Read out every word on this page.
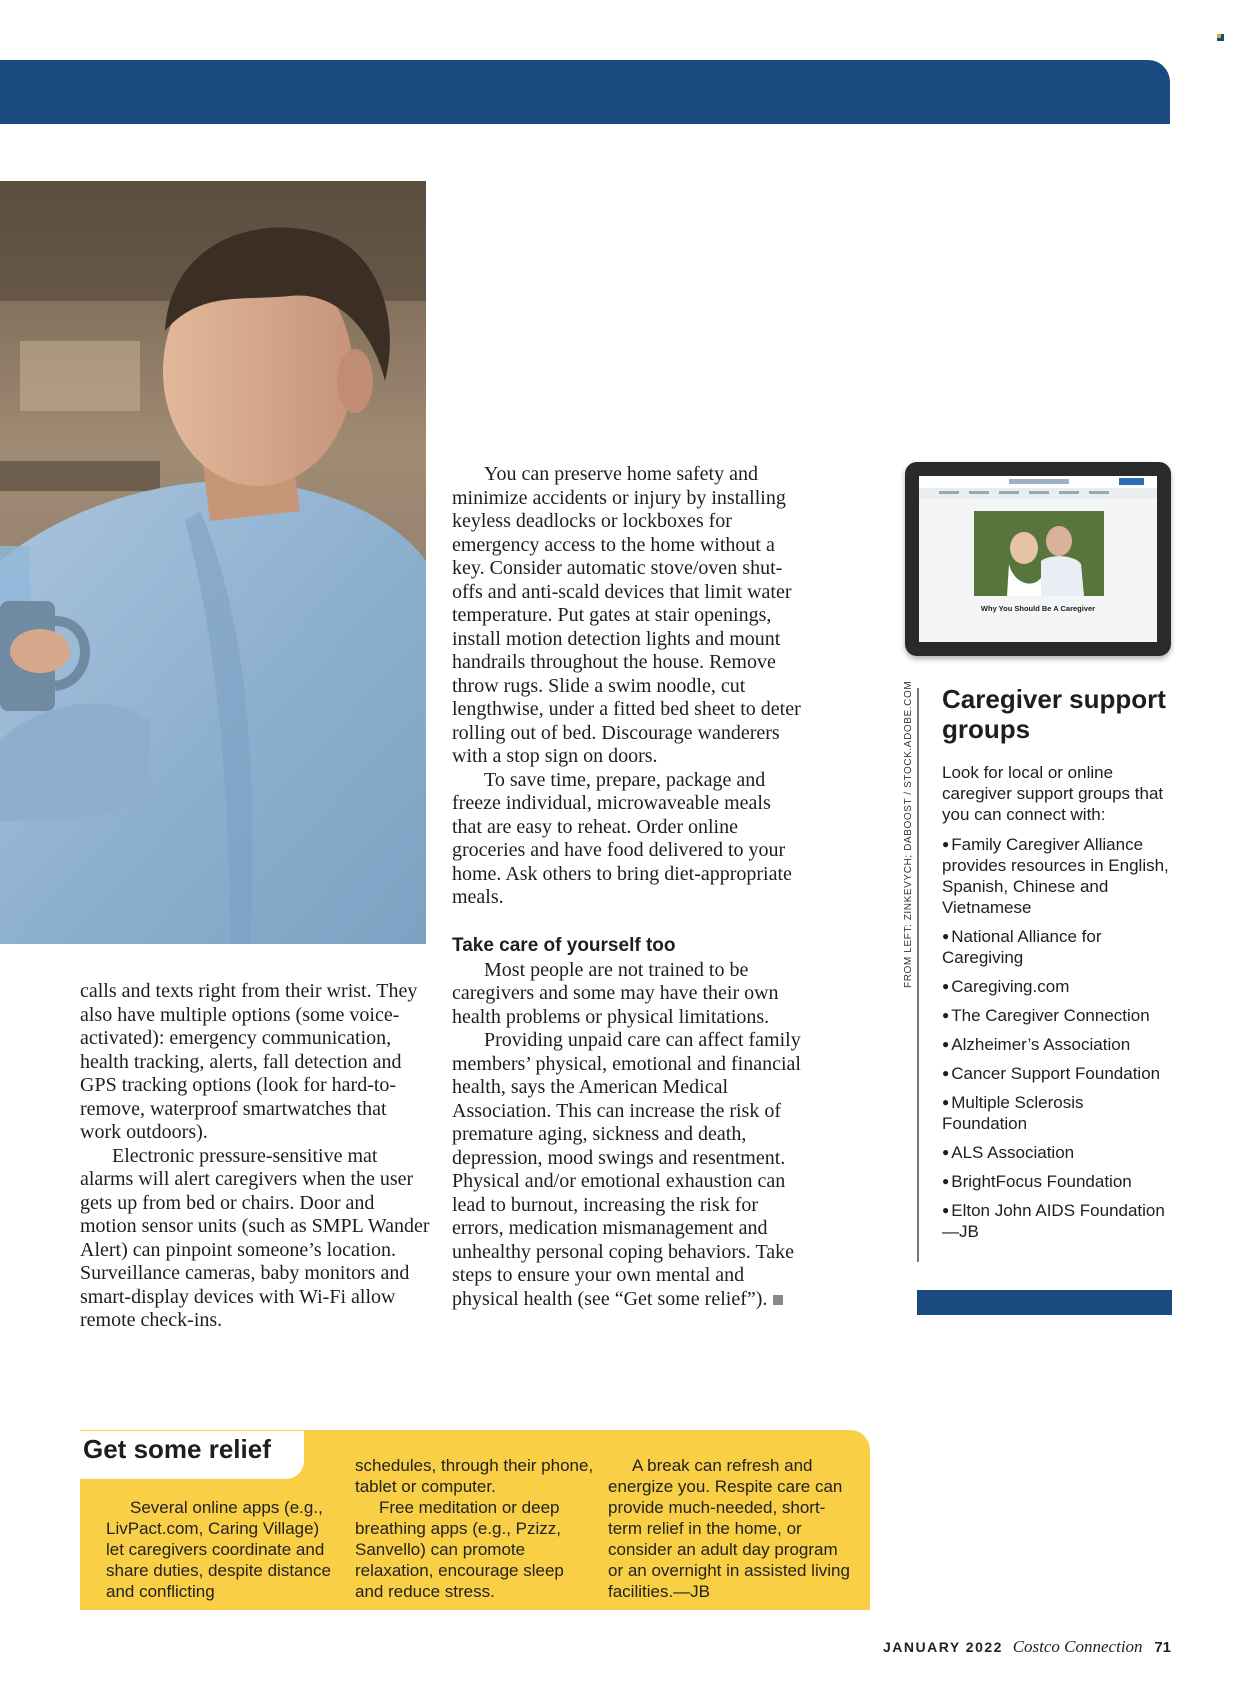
calls and texts right from their wrist. They also have multiple options (some voice-activated): emergency communication, health tracking, alerts, fall detection and GPS tracking options (look for hard-to-remove, waterproof smartwatches that work outdoors).

Electronic pressure-sensitive mat alarms will alert caregivers when the user gets up from bed or chairs. Door and motion sensor units (such as SMPL Wander Alert) can pinpoint someone’s location. Surveillance cameras, baby monitors and smart-display devices with Wi-Fi allow remote check-ins.

You can preserve home safety and minimize accidents or injury by installing keyless deadlocks or lockboxes for emergency access to the home without a key. Consider automatic stove/oven shut-offs and anti-scald devices that limit water temperature. Put gates at stair openings, install motion detection lights and mount handrails throughout the house. Remove throw rugs. Slide a swim noodle, cut lengthwise, under a fitted bed sheet to deter rolling out of bed. Discourage wanderers with a stop sign on doors.

To save time, prepare, package and freeze individual, microwaveable meals that are easy to reheat. Order online groceries and have food delivered to your home. Ask others to bring diet-appropriate meals.

Take care of yourself too

Most people are not trained to be caregivers and some may have their own health problems or physical limitations.

Providing unpaid care can affect family members’ physical, emotional and financial health, says the American Medical Association. This can increase the risk of premature aging, sickness and death, depression, mood swings and resentment. Physical and/or emotional exhaustion can lead to burnout, increasing the risk for errors, medication mismanagement and unhealthy personal coping behaviors. Take steps to ensure your own mental and physical health (see “Get some relief”).

Why You Should Be A Caregiver
FROM LEFT: ZINKEVYCH; DABOOST / STOCK.ADOBE.COM Caregiver support groups

Look for local or online caregiver support groups that you can connect with:

● Family Caregiver Alliance provides resources in English, Spanish, Chinese and Vietnamese
● National Alliance for Caregiving
● Caregiving.com
● The Caregiver Connection
● Alzheimer’s Association
● Cancer Support Foundation
● Multiple Sclerosis Foundation
● ALS Association
● BrightFocus Foundation
● Elton John AIDS Foundation—JB
Get some relief

Several online apps (e.g., LivPact.com, Caring Village) let caregivers coordinate and share duties, despite distance and conflicting

schedules, through their phone, tablet or computer.

Free meditation or deep breathing apps (e.g., Pzizz, Sanvello) can promote relaxation, encourage sleep and reduce stress.

A break can refresh and energize you. Respite care can provide much-needed, short-term relief in the home, or consider an adult day program or an overnight in assisted living facilities.—JB

JANUARY 2022 Costco Connection 71
